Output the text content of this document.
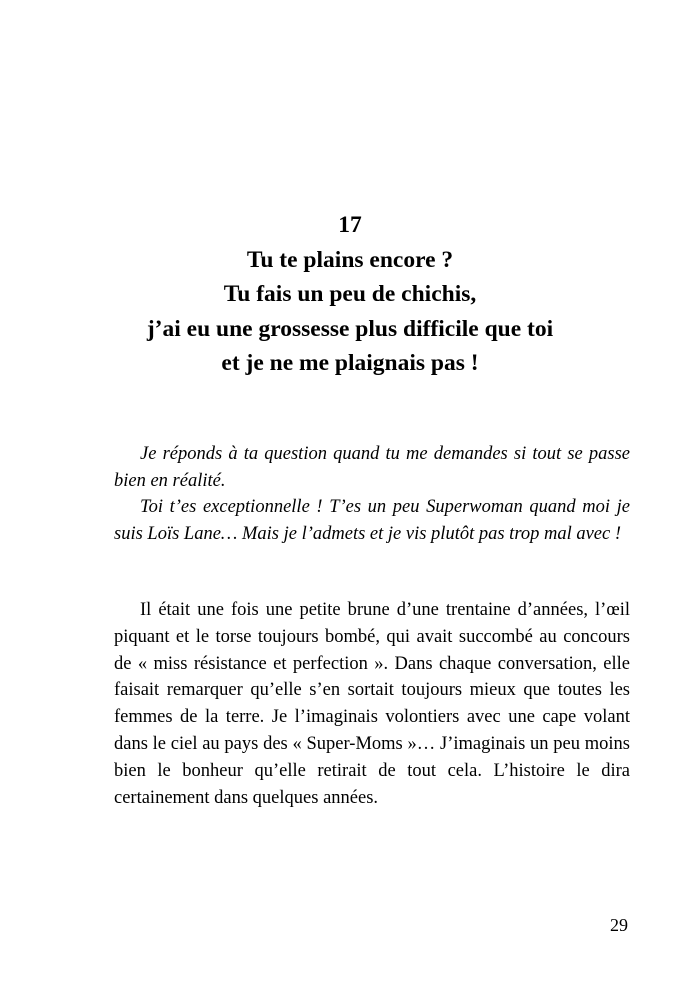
17
Tu te plains encore ?
Tu fais un peu de chichis,
j’ai eu une grossesse plus difficile que toi
et je ne me plaignais pas !

Je réponds à ta question quand tu me demandes si tout se passe bien en réalité.

Toi t’es exceptionnelle ! T’es un peu Superwoman quand moi je suis Loïs Lane… Mais je l’admets et je vis plutôt pas trop mal avec !

Il était une fois une petite brune d’une trentaine d’années, l’œil piquant et le torse toujours bombé, qui avait succombé au concours de « miss résistance et perfection ». Dans chaque conversation, elle faisait remarquer qu’elle s’en sortait toujours mieux que toutes les femmes de la terre. Je l’imaginais volontiers avec une cape volant dans le ciel au pays des « Super-Moms »… J’imaginais un peu moins bien le bonheur qu’elle retirait de tout cela. L’histoire le dira certainement dans quelques années.

29
